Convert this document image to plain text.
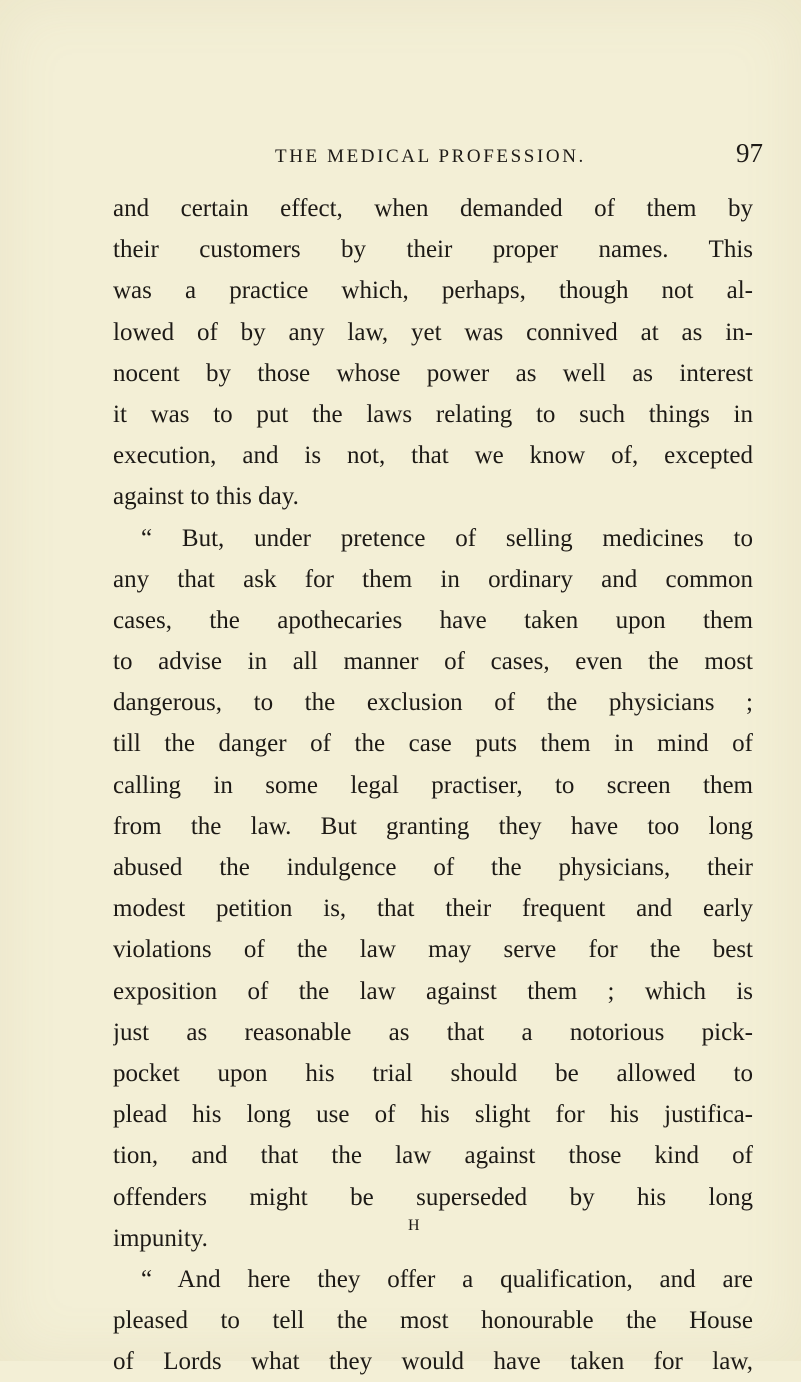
THE MEDICAL PROFESSION.	97
and certain effect, when demanded of them by
their customers by their proper names. This
was a practice which, perhaps, though not al-
lowed of by any law, yet was connived at as in-
nocent by those whose power as well as interest
it was to put the laws relating to such things in
execution, and is not, that we know of, excepted
against to this day.
“ But, under pretence of selling medicines to
any that ask for them in ordinary and common
cases, the apothecaries have taken upon them
to advise in all manner of cases, even the most
dangerous, to the exclusion of the physicians ;
till the danger of the case puts them in mind of
calling in some legal practiser, to screen them
from the law. But granting they have too long
abused the indulgence of the physicians, their
modest petition is, that their frequent and early
violations of the law may serve for the best
exposition of the law against them ; which is
just as reasonable as that a notorious pick-
pocket upon his trial should be allowed to
plead his long use of his slight for his justifica-
tion, and that the law against those kind of
offenders might be superseded by his long
impunity.
“ And here they offer a qualification, and are
pleased to tell the most honourable the House
of Lords what they would have taken for law,
H
